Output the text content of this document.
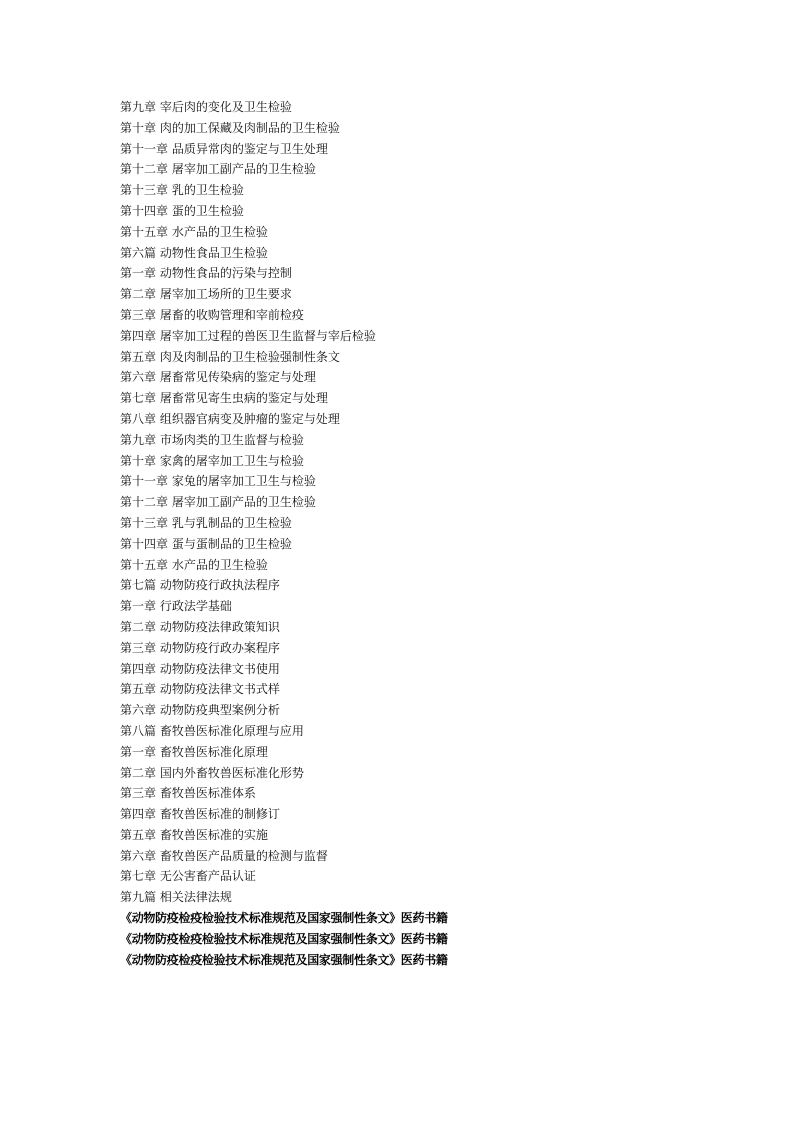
第九章 宰后肉的变化及卫生检验
第十章 肉的加工保藏及肉制品的卫生检验
第十一章 品质异常肉的鉴定与卫生处理
第十二章 屠宰加工副产品的卫生检验
第十三章 乳的卫生检验
第十四章 蛋的卫生检验
第十五章 水产品的卫生检验
第六篇 动物性食品卫生检验
第一章 动物性食品的污染与控制
第二章 屠宰加工场所的卫生要求
第三章 屠畜的收购管理和宰前检疫
第四章 屠宰加工过程的兽医卫生监督与宰后检验
第五章 肉及肉制品的卫生检验强制性条文
第六章 屠畜常见传染病的鉴定与处理
第七章 屠畜常见寄生虫病的鉴定与处理
第八章 组织器官病变及肿瘤的鉴定与处理
第九章 市场肉类的卫生监督与检验
第十章 家禽的屠宰加工卫生与检验
第十一章 家兔的屠宰加工卫生与检验
第十二章 屠宰加工副产品的卫生检验
第十三章 乳与乳制品的卫生检验
第十四章 蛋与蛋制品的卫生检验
第十五章 水产品的卫生检验
第七篇 动物防疫行政执法程序
第一章 行政法学基础
第二章 动物防疫法律政策知识
第三章 动物防疫行政办案程序
第四章 动物防疫法律文书使用
第五章 动物防疫法律文书式样
第六章 动物防疫典型案例分析
第八篇 畜牧兽医标准化原理与应用
第一章 畜牧兽医标准化原理
第二章 国内外畜牧兽医标准化形势
第三章 畜牧兽医标准体系
第四章 畜牧兽医标准的制修订
第五章 畜牧兽医标准的实施
第六章 畜牧兽医产品质量的检测与监督
第七章 无公害畜产品认证
第九篇 相关法律法规
《动物防疫检疫检验技术标准规范及国家强制性条文》医药书籍
《动物防疫检疫检验技术标准规范及国家强制性条文》医药书籍
《动物防疫检疫检验技术标准规范及国家强制性条文》医药书籍
